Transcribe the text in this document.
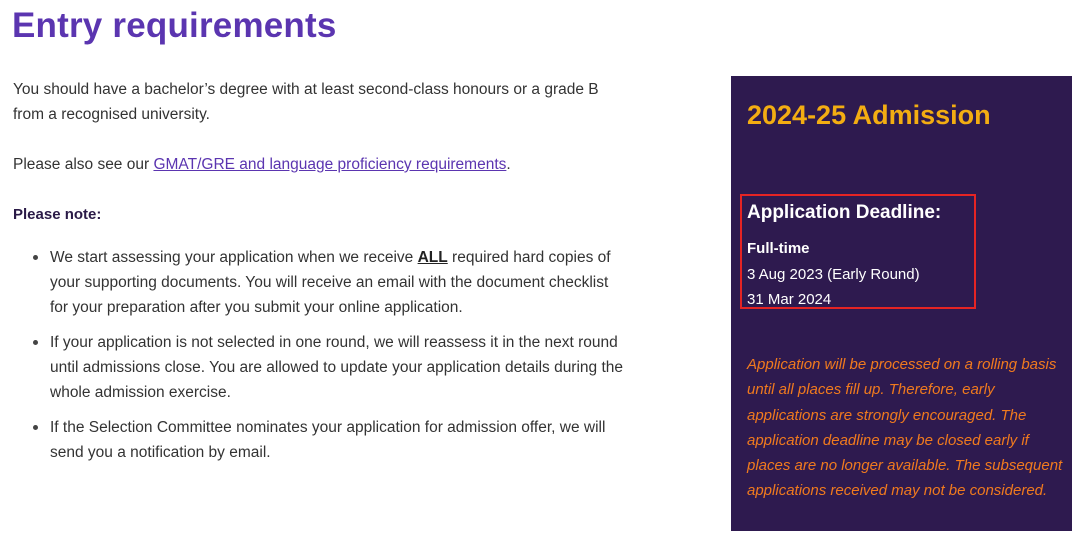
Entry requirements

You should have a bachelor’s degree with at least second-class honours or a grade B from a recognised university.

Please also see our GMAT/GRE and language proficiency requirements.

Please note:

We start assessing your application when we receive ALL required hard copies of your supporting documents. You will receive an email with the document checklist for your preparation after you submit your online application.
If your application is not selected in one round, we will reassess it in the next round until admissions close. You are allowed to update your application details during the whole admission exercise.
If the Selection Committee nominates your application for admission offer, we will send you a notification by email.
2024-25 Admission
Application Deadline:
Full-time
3 Aug 2023 (Early Round)
31 Mar 2024

Application will be processed on a rolling basis until all places fill up. Therefore, early applications are strongly encouraged. The application deadline may be closed early if places are no longer available. The subsequent applications received may not be considered.
